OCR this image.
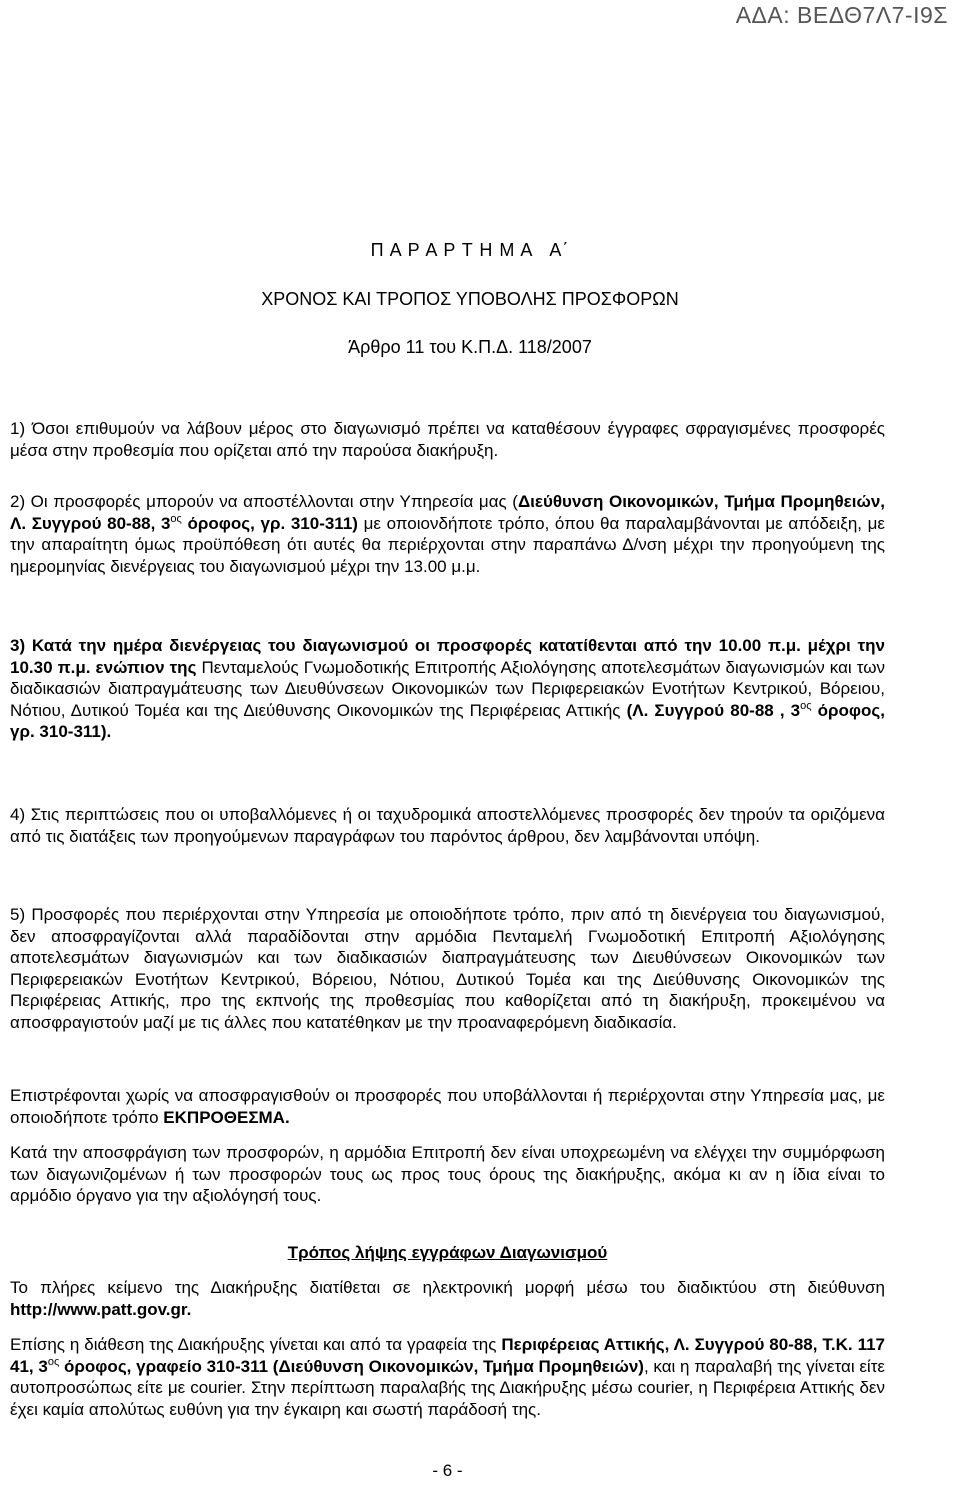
ΑΔΑ: ΒΕΔΘ7Λ7-Ι9Σ
Π Α Ρ Α Ρ Τ Η Μ Α   Α΄
ΧΡΟΝΟΣ ΚΑΙ ΤΡΟΠΟΣ ΥΠΟΒΟΛΗΣ ΠΡΟΣΦΟΡΩΝ
Άρθρο 11 του Κ.Π.Δ. 118/2007

1) Όσοι επιθυμούν να λάβουν μέρος στο διαγωνισμό πρέπει να καταθέσουν έγγραφες σφραγισμένες προσφορές μέσα στην προθεσμία που ορίζεται από την παρούσα διακήρυξη.

2) Οι προσφορές μπορούν να αποστέλλονται στην Υπηρεσία μας (Διεύθυνση Οικονομικών, Τμήμα Προμηθειών, Λ. Συγγρού 80-88, $3^{o\varsigma}$ όροφος, γρ. 310-311) με οποιονδήποτε τρόπο, όπου θα παραλαμβάνονται με απόδειξη, με την απαραίτητη όμως προϋπόθεση ότι αυτές θα περιέρχονται στην παραπάνω Δ/νση μέχρι την προηγούμενη της ημερομηνίας διενέργειας του διαγωνισμού μέχρι την 13.00 μ.μ.

3) Κατά την ημέρα διενέργειας του διαγωνισμού οι προσφορές κατατίθενται από την 10.00 π.μ. μέχρι την 10.30 π.μ. ενώπιον της Πενταμελούς Γνωμοδοτικής Επιτροπής Αξιολόγησης αποτελεσμάτων διαγωνισμών και των διαδικασιών διαπραγμάτευσης των Διευθύνσεων Οικονομικών των Περιφερειακών Ενοτήτων Κεντρικού, Βόρειου, Νότιου, Δυτικού Τομέα και της Διεύθυνσης Οικονομικών της Περιφέρειας Αττικής (Λ. Συγγρού 80-88 , $3^{o\varsigma}$ όροφος, γρ. 310-311).

4) Στις περιπτώσεις που οι υποβαλλόμενες ή οι ταχυδρομικά αποστελλόμενες προσφορές δεν τηρούν τα οριζόμενα από τις διατάξεις των προηγούμενων παραγράφων του παρόντος άρθρου, δεν λαμβάνονται υπόψη.

5) Προσφορές που περιέρχονται στην Υπηρεσία με οποιοδήποτε τρόπο, πριν από τη διενέργεια του διαγωνισμού, δεν αποσφραγίζονται αλλά παραδίδονται στην αρμόδια Πενταμελή Γνωμοδοτική Επιτροπή Αξιολόγησης αποτελεσμάτων διαγωνισμών και των διαδικασιών διαπραγμάτευσης των Διευθύνσεων Οικονομικών των Περιφερειακών Ενοτήτων Κεντρικού, Βόρειου, Νότιου, Δυτικού Τομέα και της Διεύθυνσης Οικονομικών της Περιφέρειας Αττικής, προ της εκπνοής της προθεσμίας που καθορίζεται από τη διακήρυξη, προκειμένου να αποσφραγιστούν μαζί με τις άλλες που κατατέθηκαν με την προαναφερόμενη διαδικασία.

Επιστρέφονται χωρίς να αποσφραγισθούν οι προσφορές που υποβάλλονται ή περιέρχονται στην Υπηρεσία μας, με οποιοδήποτε τρόπο ΕΚΠΡΟΘΕΣΜΑ.

Κατά την αποσφράγιση των προσφορών, η αρμόδια Επιτροπή δεν είναι υποχρεωμένη να ελέγχει την συμμόρφωση των διαγωνιζομένων ή των προσφορών τους ως προς τους όρους της διακήρυξης, ακόμα κι αν η ίδια είναι το αρμόδιο όργανο για την αξιολόγησή τους.

Τρόπος λήψης εγγράφων Διαγωνισμού

Το πλήρες κείμενο της Διακήρυξης διατίθεται σε ηλεκτρονική μορφή μέσω του διαδικτύου στη διεύθυνση http://www.patt.gov.gr.

Επίσης η διάθεση της Διακήρυξης γίνεται και από τα γραφεία της Περιφέρειας Αττικής, Λ. Συγγρού 80-88, Τ.Κ. 117 41, $3^{o\varsigma}$ όροφος, γραφείο 310-311 (Διεύθυνση Οικονομικών, Τμήμα Προμηθειών), και η παραλαβή της γίνεται είτε αυτοπροσώπως είτε με courier. Στην περίπτωση παραλαβής της Διακήρυξης μέσω courier, η Περιφέρεια Αττικής δεν έχει καμία απολύτως ευθύνη για την έγκαιρη και σωστή παράδοσή της.

- 6 -
